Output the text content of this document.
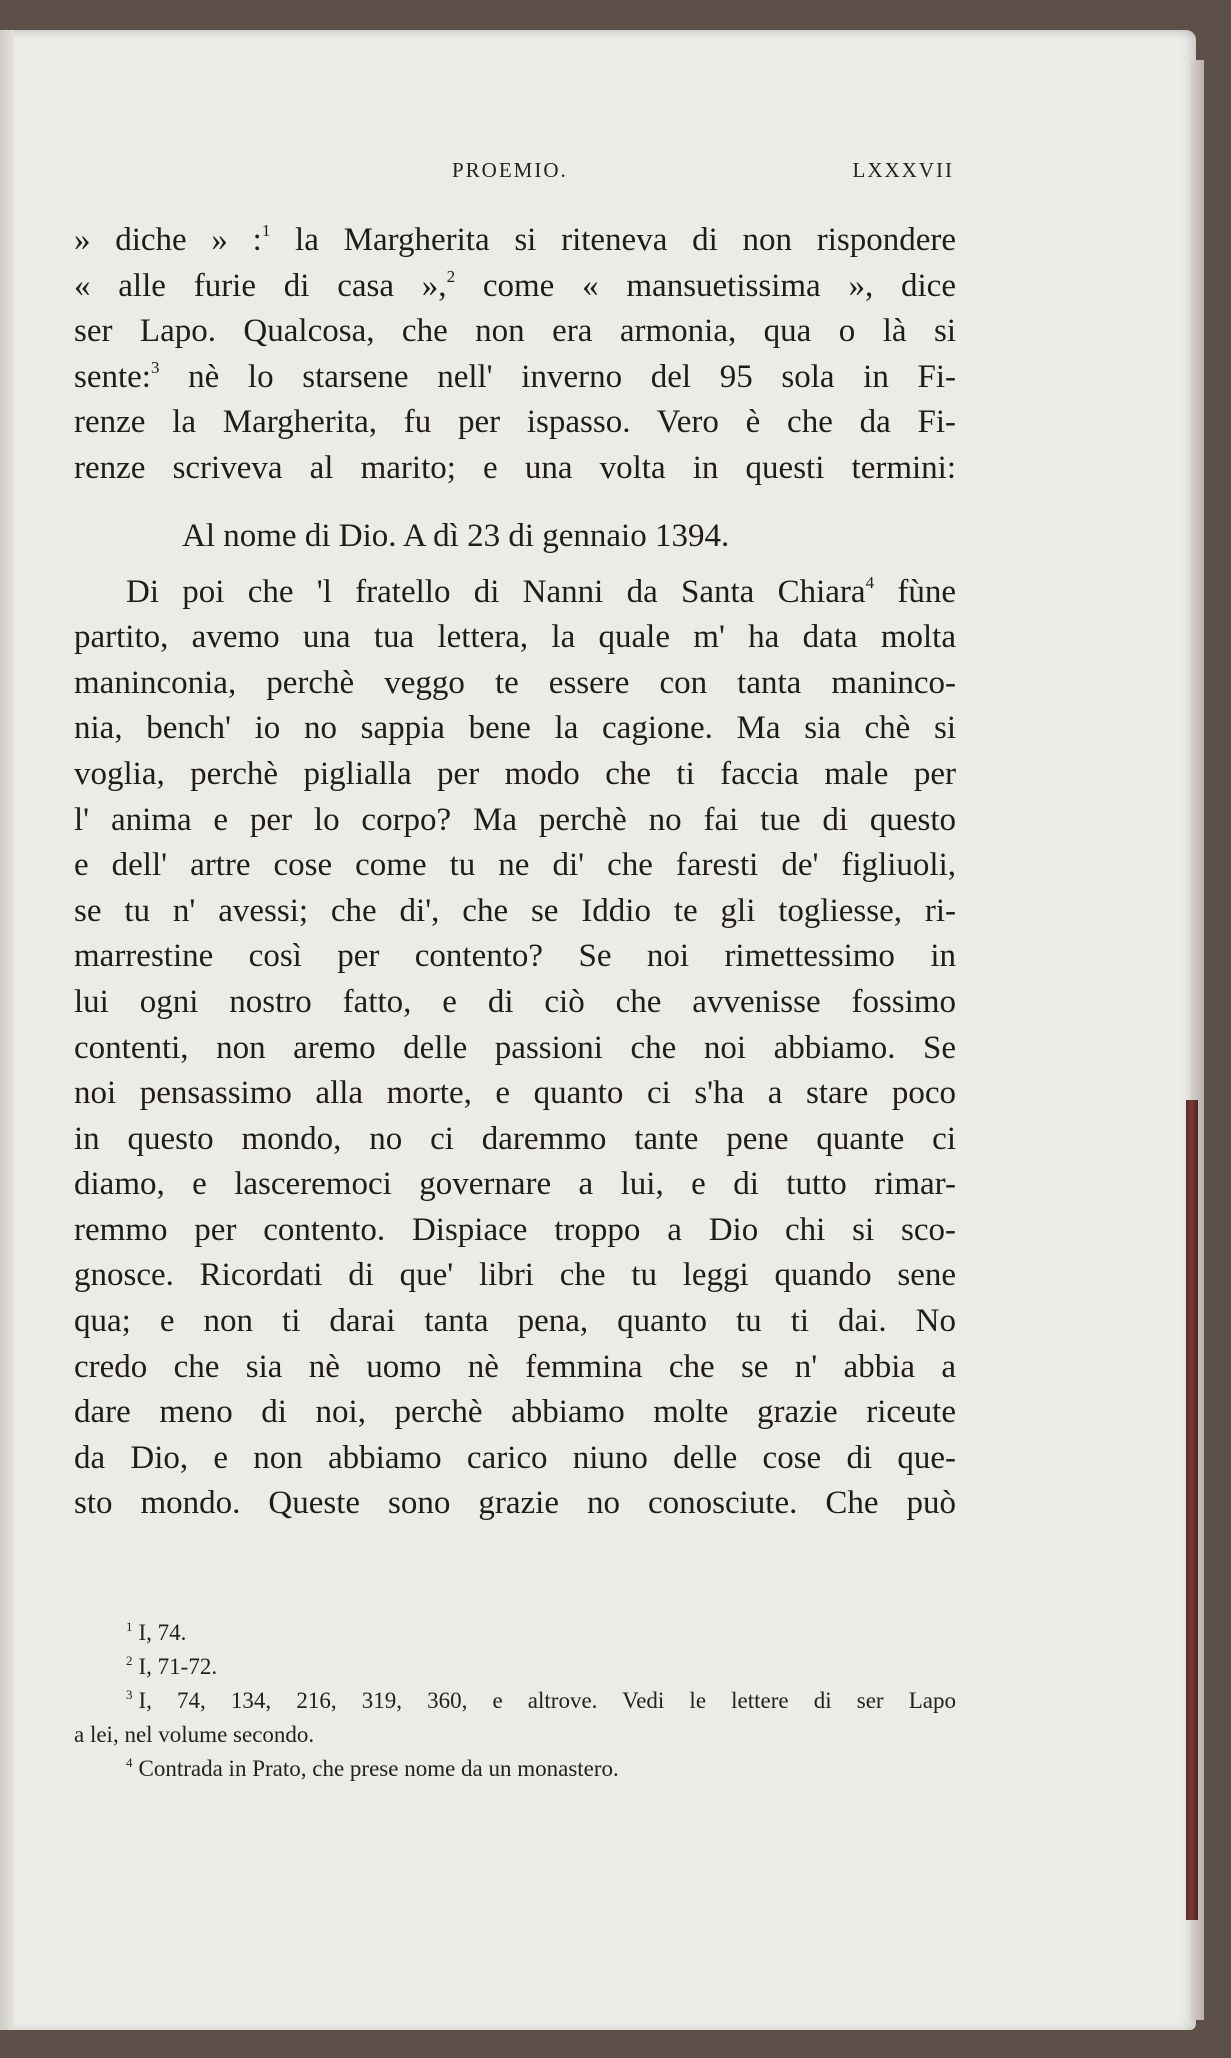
PROEMIO.	LXXXVII
» diche » :$^1$ la Margherita si riteneva di non rispondere
« alle furie di casa »,$^2$ come « mansuetissima », dice
ser Lapo. Qualcosa, che non era armonia, qua o là si
sente:$^3$ nè lo starsene nell' inverno del 95 sola in Fi-
renze la Margherita, fu per ispasso. Vero è che da Fi-
renze scriveva al marito; e una volta in questi termini:
Al nome di Dio. A dì 23 di gennaio 1394.
Di poi che 'l fratello di Nanni da Santa Chiara$^4$ fùne
partito, avemo una tua lettera, la quale m' ha data molta
maninconia, perchè veggo te essere con tanta maninco-
nia, bench' io no sappia bene la cagione. Ma sia chè si
voglia, perchè piglialla per modo che ti faccia male per
l' anima e per lo corpo? Ma perchè no fai tue di questo
e dell' artre cose come tu ne di' che faresti de' figliuoli,
se tu n' avessi; che di', che se Iddio te gli togliesse, ri-
marrestine così per contento? Se noi rimettessimo in
lui ogni nostro fatto, e di ciò che avvenisse fossimo
contenti, non aremo delle passioni che noi abbiamo. Se
noi pensassimo alla morte, e quanto ci s'ha a stare poco
in questo mondo, no ci daremmo tante pene quante ci
diamo, e lasceremoci governare a lui, e di tutto rimar-
remmo per contento. Dispiace troppo a Dio chi si sco-
gnosce. Ricordati di que' libri che tu leggi quando sene
qua; e non ti darai tanta pena, quanto tu ti dai. No
credo che sia nè uomo nè femmina che se n' abbia a
dare meno di noi, perchè abbiamo molte grazie riceute
da Dio, e non abbiamo carico niuno delle cose di que-
sto mondo. Queste sono grazie no conosciute. Che può
$^1$ I, 74.
$^2$ I, 71-72.
$^3$ I, 74, 134, 216, 319, 360, e altrove. Vedi le lettere di ser Lapo
a lei, nel volume secondo.
$^4$ Contrada in Prato, che prese nome da un monastero.
